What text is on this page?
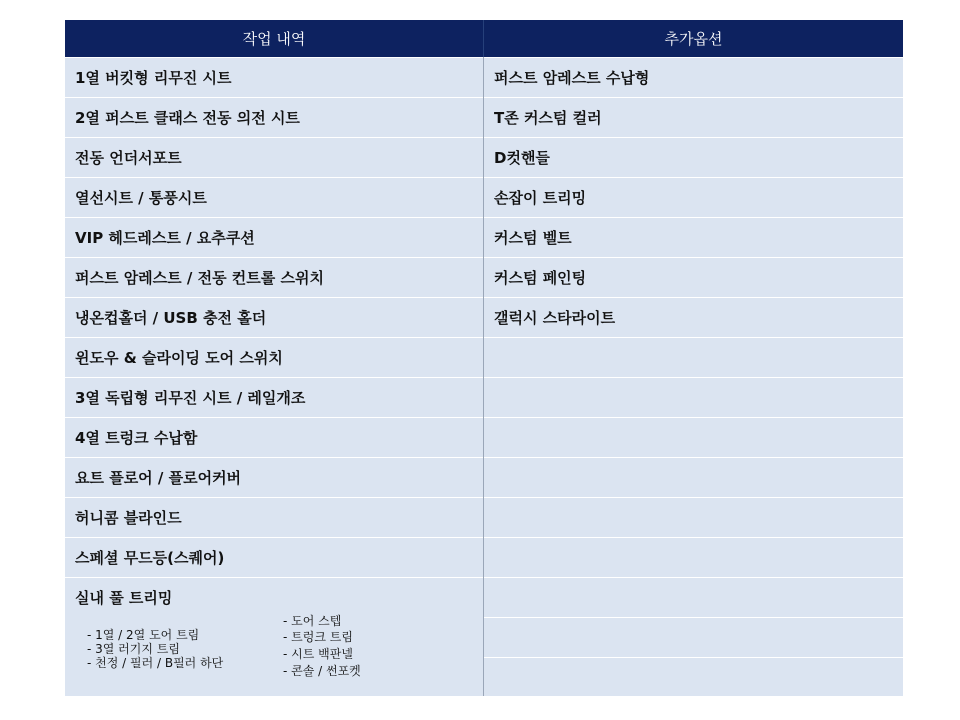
작업 내역	추가옵션
1열 버킷형 리무진 시트
2열 퍼스트 클래스 전동 의전 시트
전동 언더서포트
열선시트 / 통풍시트
VIP 헤드레스트 / 요추쿠션
퍼스트 암레스트 / 전동 컨트롤 스위치
냉온컵홀더 / USB 충전 홀더
윈도우 & 슬라이딩 도어 스위치
3열 독립형 리무진 시트 / 레일개조
4열 트렁크 수납함
요트 플로어 / 플로어커버
허니콤 블라인드
스페셜 무드등(스퀘어)
실내 풀 트리밍
- 1열 / 2열 도어 트림
- 3열 러기지 트림
- 천정 / 필러 / B필러 하단
- 도어 스텝
- 트렁크 트림
- 시트 백판넬
- 콘솔 / 썬포켓
퍼스트 암레스트 수납형
T존 커스텀 컬러
D컷핸들
손잡이 트리밍
커스텀 벨트
커스텀 페인팅
갤럭시 스타라이트
